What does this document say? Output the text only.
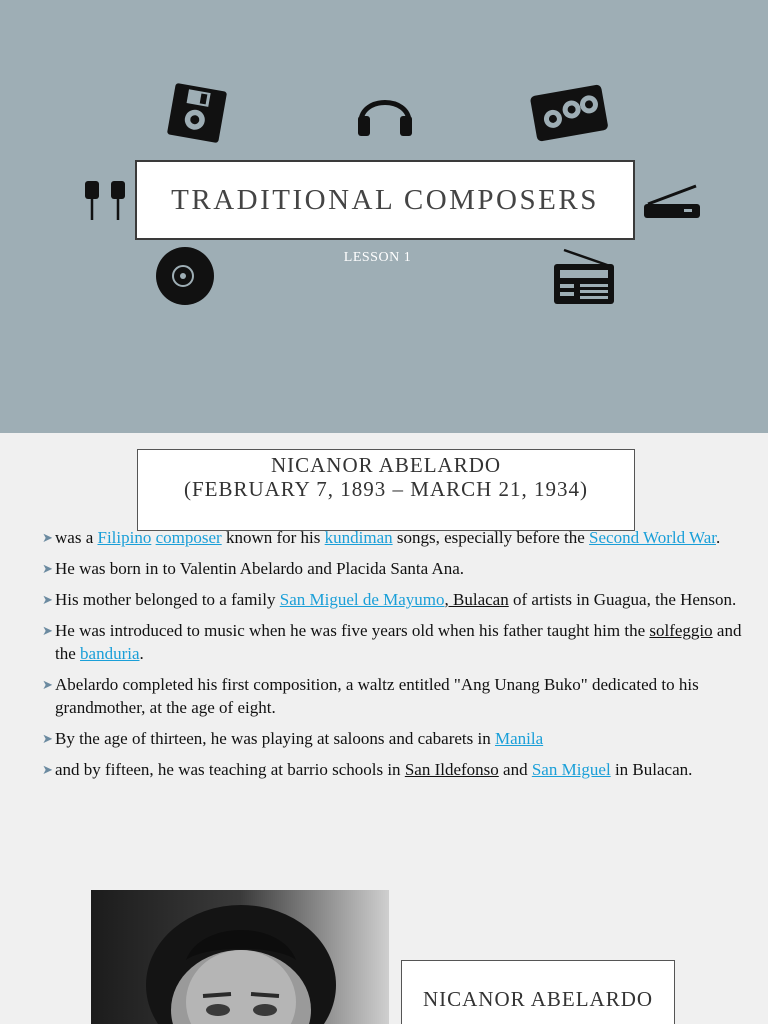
TRADITIONAL COMPOSERS
LESSON 1
NICANOR ABELARDO
(FEBRUARY 7, 1893 – MARCH 21, 1934)
➤ was a Filipino composer known for his kundiman songs, especially before the Second World War.
➤ He was born in to Valentin Abelardo and Placida Santa Ana.
➤ His mother belonged to a family San Miguel de Mayumo, Bulacan of artists in Guagua, the Henson.
➤ He was introduced to music when he was five years old when his father taught him the solfeggio and the banduria.
➤ Abelardo completed his first composition, a waltz entitled "Ang Unang Buko" dedicated to his grandmother, at the age of eight.
➤ By the age of thirteen, he was playing at saloons and cabarets in Manila
➤ and by fifteen, he was teaching at barrio schools in San Ildefonso and San Miguel in Bulacan.
NICANOR ABELARDO
